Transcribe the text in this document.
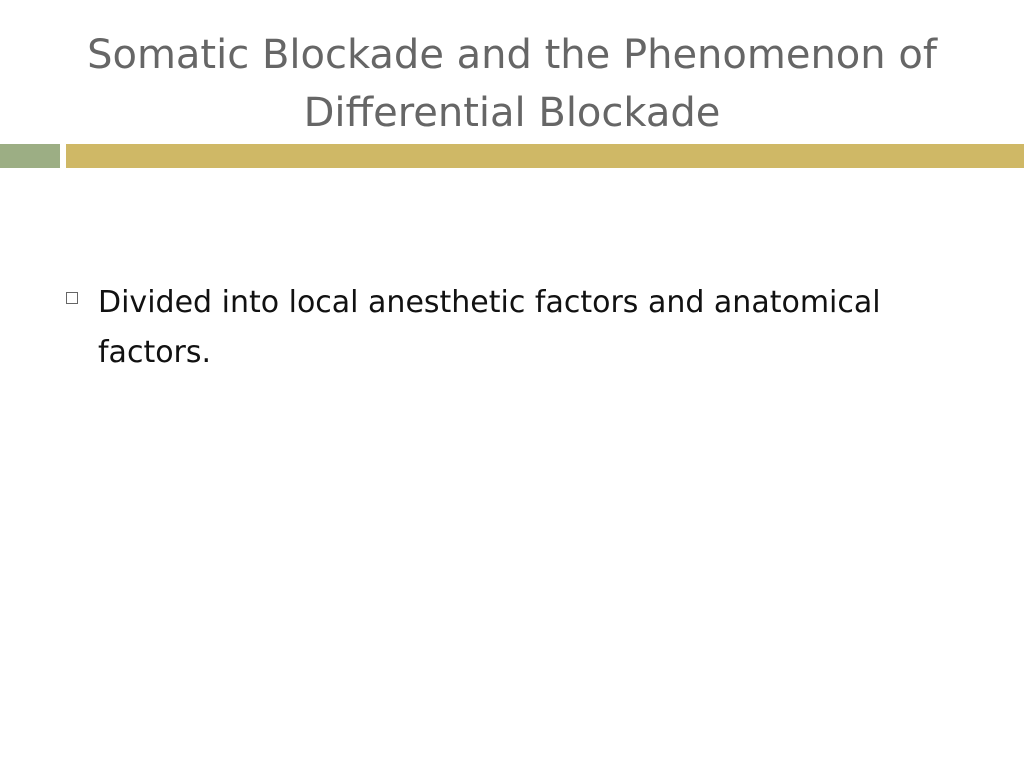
Somatic Blockade and the Phenomenon of Differential Blockade
Divided into local anesthetic factors and anatomical factors.
